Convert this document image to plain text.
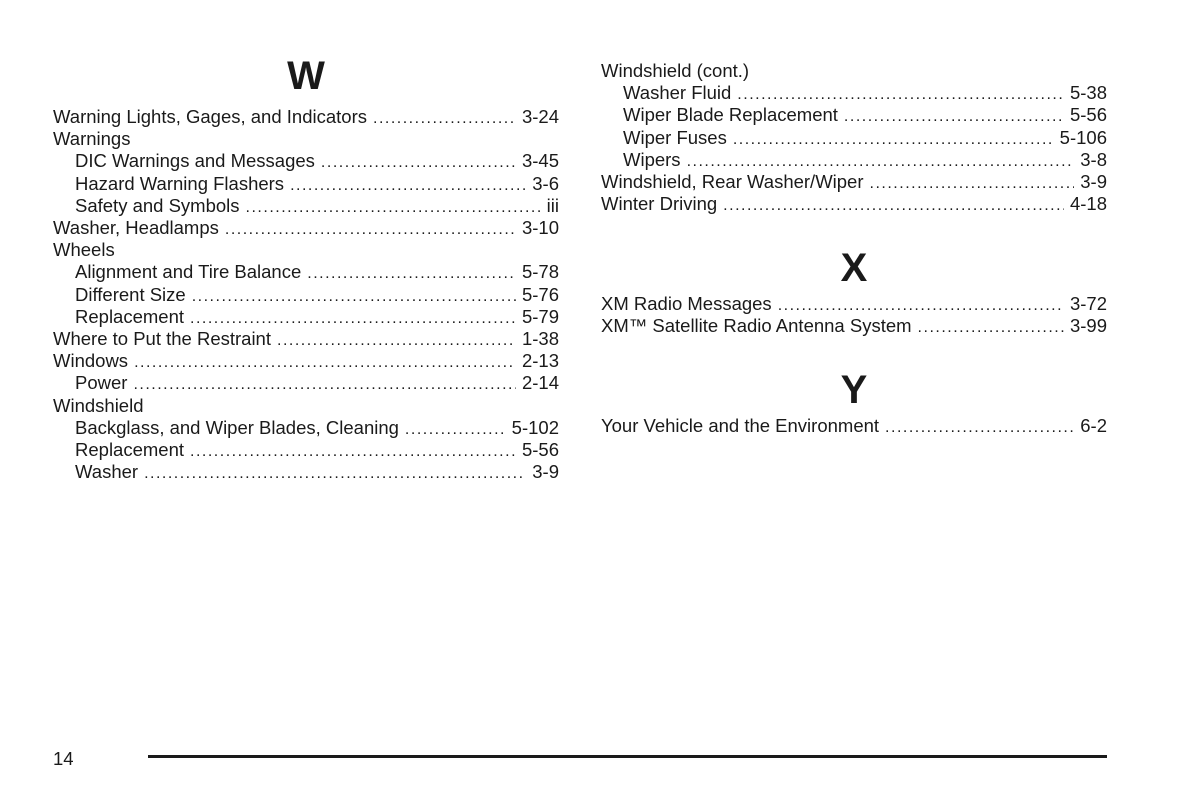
W
Warning Lights, Gages, and Indicators .....	3-24
Warnings
DIC Warnings and Messages .....	3-45
Hazard Warning Flashers .....	3-6
Safety and Symbols .....	iii
Washer, Headlamps .....	3-10
Wheels
Alignment and Tire Balance .....	5-78
Different Size .....	5-76
Replacement .....	5-79
Where to Put the Restraint .....	1-38
Windows .....	2-13
Power .....	2-14
Windshield
Backglass, and Wiper Blades, Cleaning .....	5-102
Replacement .....	5-56
Washer .....	3-9
Windshield (cont.)
Washer Fluid .....	5-38
Wiper Blade Replacement .....	5-56
Wiper Fuses .....	5-106
Wipers .....	3-8
Windshield, Rear Washer/Wiper .....	3-9
Winter Driving .....	4-18
X
XM Radio Messages .....	3-72
XM™ Satellite Radio Antenna System .....	3-99
Y
Your Vehicle and the Environment .....	6-2
14
